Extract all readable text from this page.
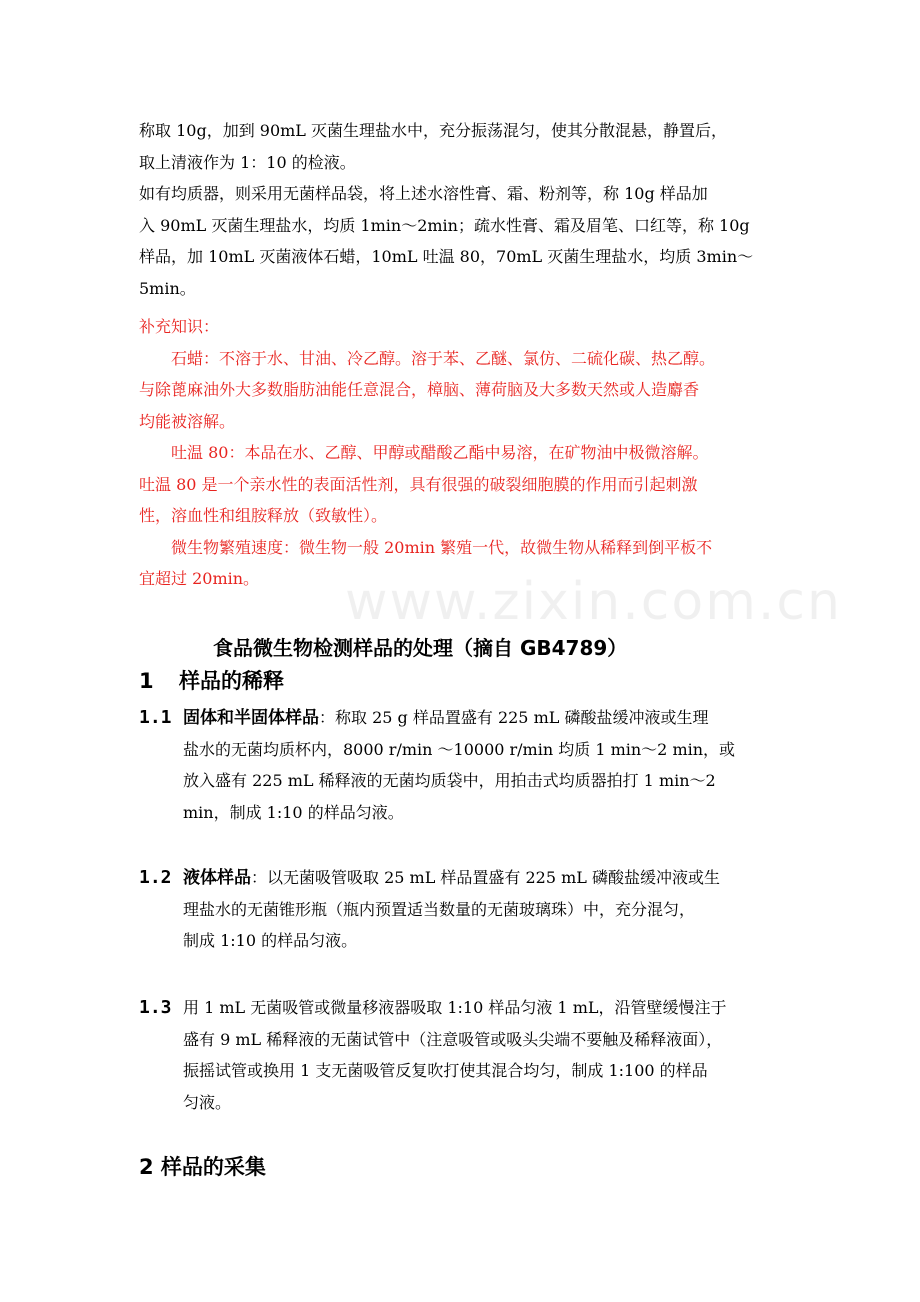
www.zixin.com.cn
称取 10g，加到 90mL 灭菌生理盐水中，充分振荡混匀，使其分散混悬，静置后，
取上清液作为 1：10 的检液。
如有均质器，则采用无菌样品袋，将上述水溶性膏、霜、粉剂等，称 10g 样品加
入 90mL 灭菌生理盐水，均质 1min～2min；疏水性膏、霜及眉笔、口红等，称 10g
样品，加 10mL 灭菌液体石蜡，10mL 吐温 80，70mL 灭菌生理盐水，均质 3min～
5min。
补充知识：
　　石蜡：不溶于水、甘油、冷乙醇。溶于苯、乙醚、氯仿、二硫化碳、热乙醇。
与除蓖麻油外大多数脂肪油能任意混合，樟脑、薄荷脑及大多数天然或人造麝香
均能被溶解。
　　吐温 80：本品在水、乙醇、甲醇或醋酸乙酯中易溶，在矿物油中极微溶解。
吐温 80 是一个亲水性的表面活性剂，具有很强的破裂细胞膜的作用而引起刺激
性，溶血性和组胺释放（致敏性）。
　　微生物繁殖速度：微生物一般 20min 繁殖一代，故微生物从稀释到倒平板不
宜超过 20min。
食品微生物检测样品的处理（摘自 GB4789）
1 样品的稀释
1.1 固体和半固体样品：称取 25 g 样品置盛有 225 mL 磷酸盐缓冲液或生理
盐水的无菌均质杯内，8000 r/min ～10000 r/min 均质 1 min～2 min，或
放入盛有 225 mL 稀释液的无菌均质袋中，用拍击式均质器拍打 1 min～2
min，制成 1:10 的样品匀液。
1.2 液体样品：以无菌吸管吸取 25 mL 样品置盛有 225 mL 磷酸盐缓冲液或生
理盐水的无菌锥形瓶（瓶内预置适当数量的无菌玻璃珠）中，充分混匀，
制成 1:10 的样品匀液。
1.3 用 1 mL 无菌吸管或微量移液器吸取 1:10 样品匀液 1 mL，沿管壁缓慢注于
盛有 9 mL 稀释液的无菌试管中（注意吸管或吸头尖端不要触及稀释液面），
振摇试管或换用 1 支无菌吸管反复吹打使其混合均匀，制成 1:100 的样品
匀液。
2 样品的采集
